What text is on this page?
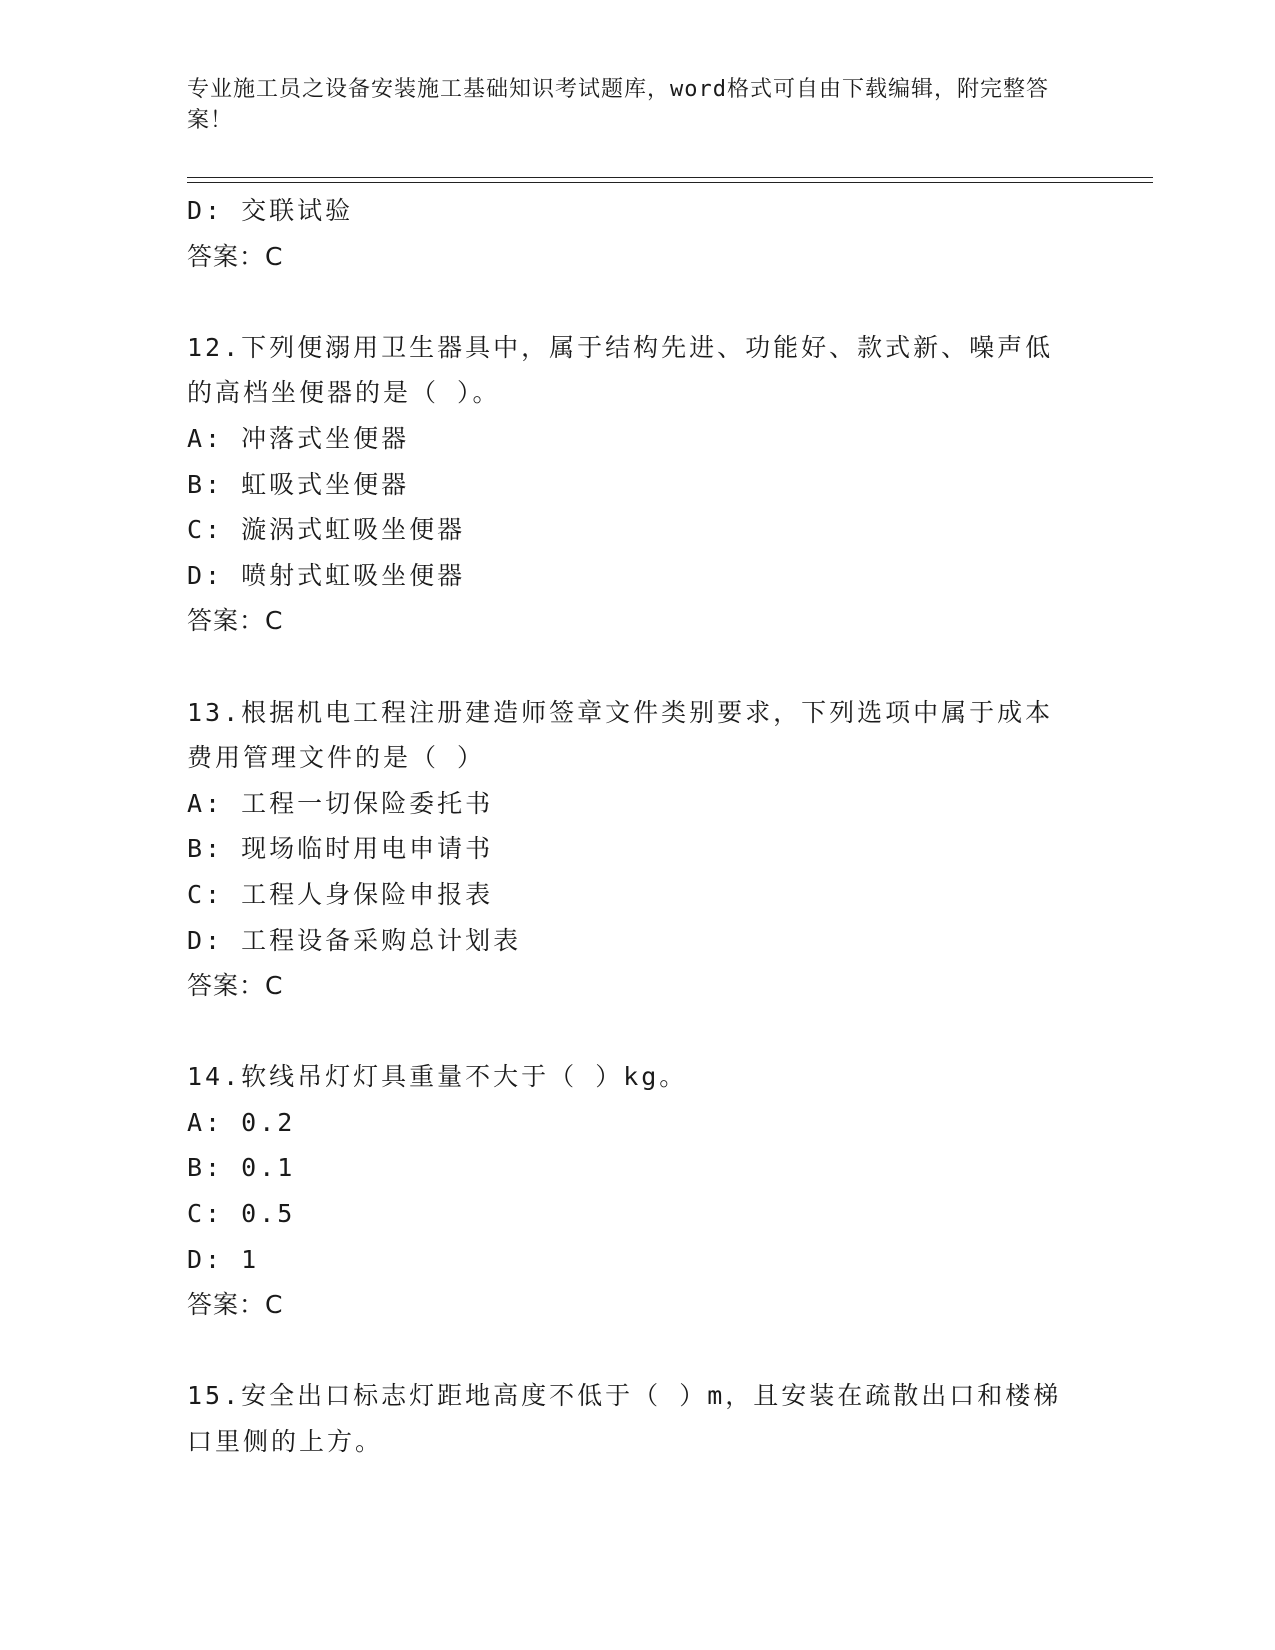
专业施工员之设备安装施工基础知识考试题库，word格式可自由下载编辑，附完整答案！
D: 交联试验
答案：C
12.下列便溺用卫生器具中，属于结构先进、功能好、款式新、噪声低
的高档坐便器的是（ ）。
A: 冲落式坐便器
B: 虹吸式坐便器
C: 漩涡式虹吸坐便器
D: 喷射式虹吸坐便器
答案：C
13.根据机电工程注册建造师签章文件类别要求，下列选项中属于成本
费用管理文件的是（ ）
A: 工程一切保险委托书
B: 现场临时用电申请书
C: 工程人身保险申报表
D: 工程设备采购总计划表
答案：C
14.软线吊灯灯具重量不大于（ ）kg。
A: 0.2
B: 0.1
C: 0.5
D: 1
答案：C
15.安全出口标志灯距地高度不低于（ ）m，且安装在疏散出口和楼梯
口里侧的上方。
